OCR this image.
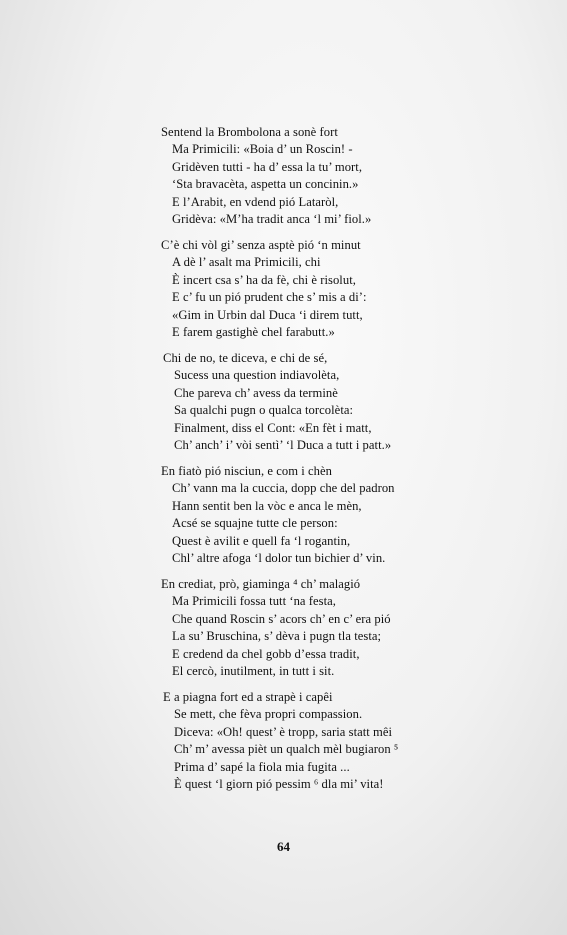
Sentend la Brombolona a sonè fort
Ma Primicili: «Boia d’ un Roscin! -
Gridèven tutti - ha d’ essa la tu’ mort,
‘Sta bravacèta, aspetta un concinin.»
E l’Arabit, en vdend pió Lataròl,
Gridèva: «M’ha tradit anca ‘l mi’ fiol.»
C’è chi vòl gi’ senza asptè pió ‘n minut
A dè l’ asalt ma Primicili, chi
È incert csa s’ ha da fè, chi è risolut,
E c’ fu un pió prudent che s’ mis a di’:
«Gim in Urbin dal Duca ‘i direm tutt,
E farem gastighè chel farabutt.»
Chi de no, te diceva, e chi de sé,
Sucess una question indiavolèta,
Che pareva ch’ avess da terminè
Sa qualchi pugn o qualca torcolèta:
Finalment, diss el Cont: «En fèt i matt,
Ch’ anch’ i’ vòi sentì’ ‘l Duca a tutt i patt.»
En fiatò pió nisciun, e com i chèn
Ch’ vann ma la cuccia, dopp che del padron
Hann sentit ben la vòc e anca le mèn,
Acsé se squajne tutte cle person:
Quest è avilit e quell fa ‘l rogantin,
Chl’ altre afoga ‘l dolor tun bichier d’ vin.
En crediat, prò, giaminga ⁴ ch’ malagió
Ma Primicili fossa tutt ‘na festa,
Che quand Roscin s’ acors ch’ en c’ era pió
La su’ Bruschina, s’ dèva i pugn tla testa;
E credend da chel gobb d’essa tradit,
El cercò, inutilment, in tutt i sit.
E a piagna fort ed a strapè i capêi
Se mett, che fèva propri compassion.
Diceva: «Oh! quest’ è tropp, saria statt mêi
Ch’ m’ avessa pièt un qualch mèl bugiaron ⁵
Prima d’ sapé la fiola mia fugita ...
È quest ‘l giorn pió pessim ⁶ dla mi’ vita!
64
